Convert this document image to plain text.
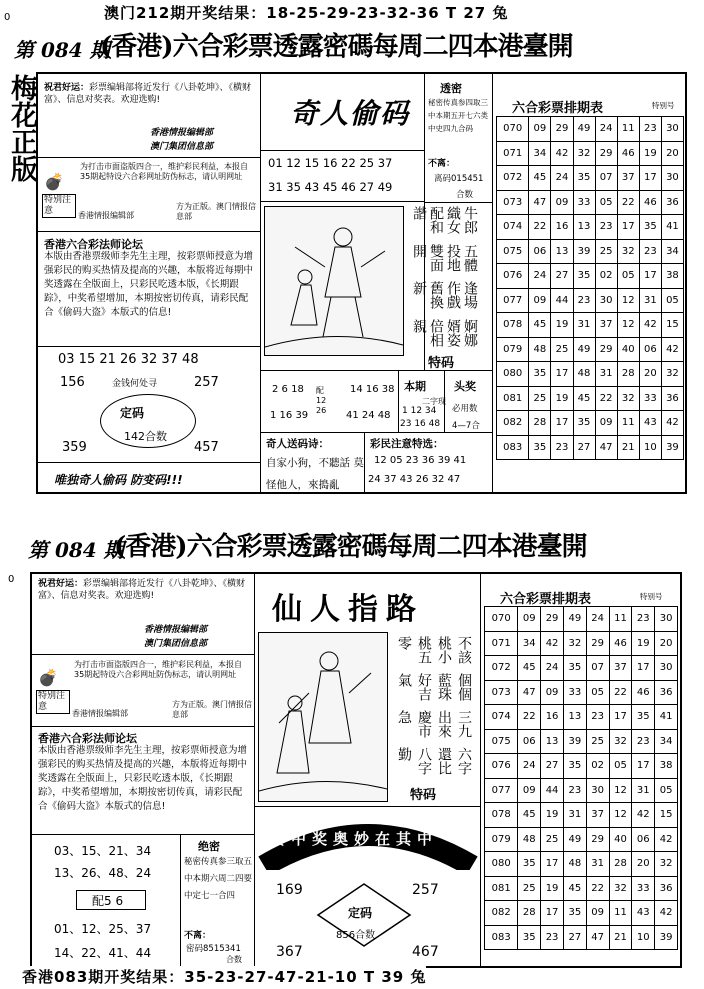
澳门212期开奖结果：18-25-29-23-32-36 T 27 兔
0
第 084 期
(香港)六合彩票透露密碼每周二四本港臺開
梅花正版 祝君好运：彩票编辑部将近发行《八卦乾坤》、《横财富》、信息对奖表。欢迎选购!
香港情报编辑部
澳门集团信息部
💣
特别注意
为打击市面盗版四合一，维护彩民利益，本报自35期起特设六合彩网址防伪标志，请认明网址
香港情报编辑部
方为正版。澳门情报信息部
香港六合彩法师论坛
本版由香港票级师李先生主理，按彩票师授意为增强彩民的购买热情及提高的兴趣，本版将近每期中奖透露在全版面上，只彩民吃透本版，《长期跟踪》，中奖希望增加，本期按密切传真，请彩民配合《偷码大盗》本版式的信息!
03 15 21 26 32 37 48
156	257
金钱何处寻
定码
142合数
359	457
唯独奇人偷码 防变码!!!
奇人偷码
01 12 15 16 22 25 37
31 35 43 45 46 27 49
牛郎織女配和諧
五體投地雙面開
逢場作戲舊換新
婀娜婿姿倍相親
特码
透密
秘密传真参四取三中本期五开七六类中史四九合码
不离：
离码015451
合数
2 6 18
1 16 39
配 12 26
14 16 38
41 24 48
本期
二字现
1 12 34
23 16 48
头奖
必用数
4—7合
奇人送码诗：
自家小狗，不聽話 莫怪他人，來搗亂
彩民注意特选：
12 05 23 36 39 41
24 37 43 26 32 47
六合彩票排期表	特别号
070	09	29	49	24	11	23	30
071	34	42	32	29	46	19	20
072	45	24	35	07	37	17	30
073	47	09	33	05	22	46	36
074	22	16	13	23	17	35	41
075	06	13	39	25	32	23	34
076	24	27	35	02	05	17	38
077	09	44	23	30	12	31	05
078	45	19	31	37	12	42	15
079	48	25	49	29	40	06	42
080	35	17	48	31	28	20	32
081	25	19	45	22	32	33	36
082	28	17	35	09	11	43	42
083	35	23	27	47	21	10	39
第 084 期
(香港)六合彩票透露密碼每周二四本港臺開
0	祝君好运：彩票编辑部将近发行《八卦乾坤》、《横财富》、信息对奖表。欢迎选购!
香港情报编辑部
澳门集团信息部
💣
特别注意
为打击市面盗版四合一，维护彩民利益，本报自35期起特设六合彩网址防伪标志，请认明网址
香港情报编辑部
方为正版。澳门情报信息部
香港六合彩法师论坛
本版由香港票级师李先生主理，按彩票师授意为增强彩民的购买热情及提高的兴趣，本版将近每期中奖透露在全版面上，只彩民吃透本版，《长期跟踪》，中奖希望增加，本期按密切传真，请彩民配合《偷码大盗》本版式的信息!
03、15、21、34
13、26、48、24
配5 6
01、12、25、37
14、22、41、44
仙人指路
不該桃小桃五零
個個藍珠好吉氣
三九出來慶市急
六字還比八字勤
特码
要中奖奥妙在其中
169	257
定码
856合数
367	467
绝密
秘密传真参三取五中本期六周二四要中定七一合四
不离：
密码8515341
合数
六合彩票排期表	特别号
070	09	29	49	24	11	23	30
071	34	42	32	29	46	19	20
072	45	24	35	07	37	17	30
073	47	09	33	05	22	46	36
074	22	16	13	23	17	35	41
075	06	13	39	25	32	23	34
076	24	27	35	02	05	17	38
077	09	44	23	30	12	31	05
078	45	19	31	37	12	42	15
079	48	25	49	29	40	06	42
080	35	17	48	31	28	20	32
081	25	19	45	22	32	33	36
082	28	17	35	09	11	43	42
083	35	23	27	47	21	10	39
香港083期开奖结果：35-23-27-47-21-10 T 39 兔
